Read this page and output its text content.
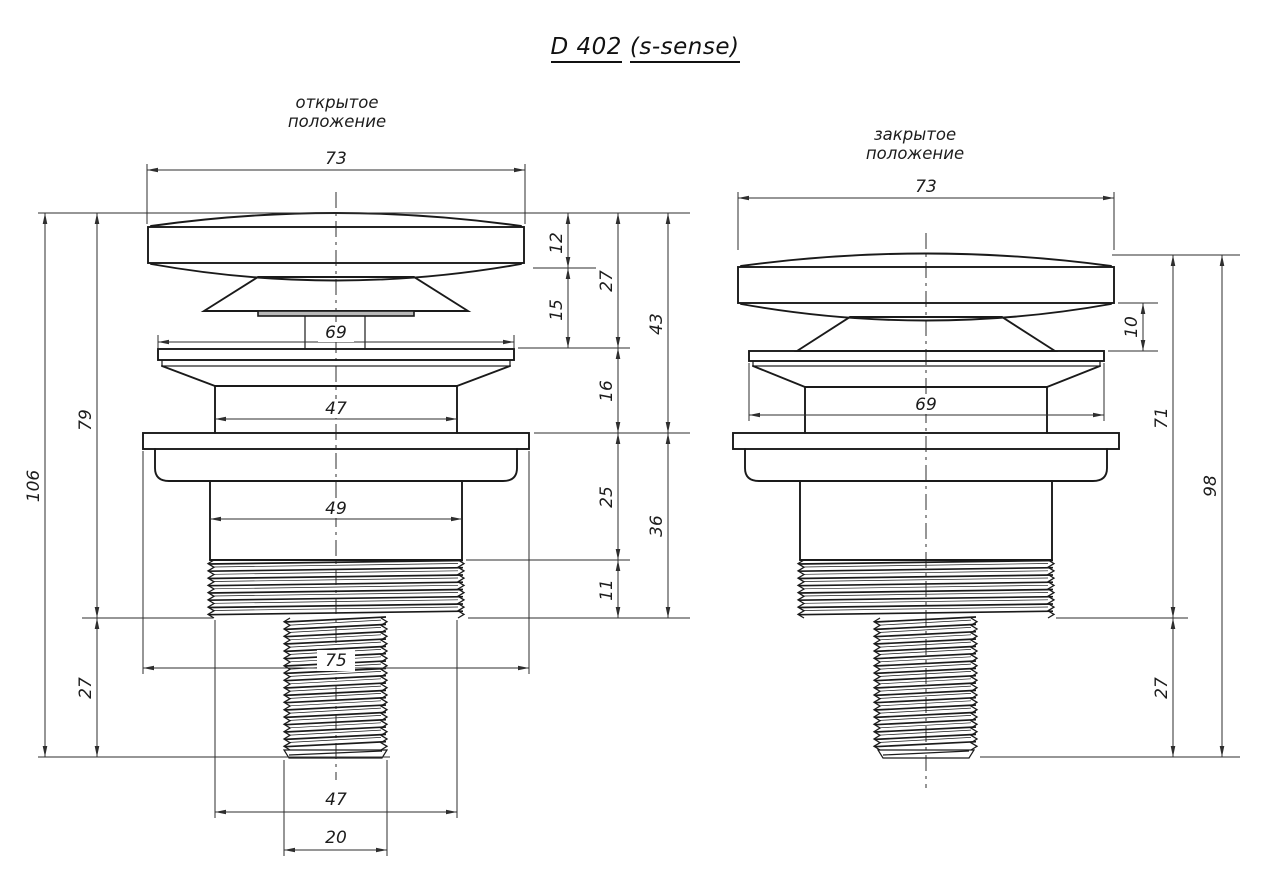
D 402 (s-sense)
открытое
положение
закрытое
положение
73
69
47
49
75
47
20
106
79
27
12
15
27
16
25
11
43
36
73
69
10
71
27
98
